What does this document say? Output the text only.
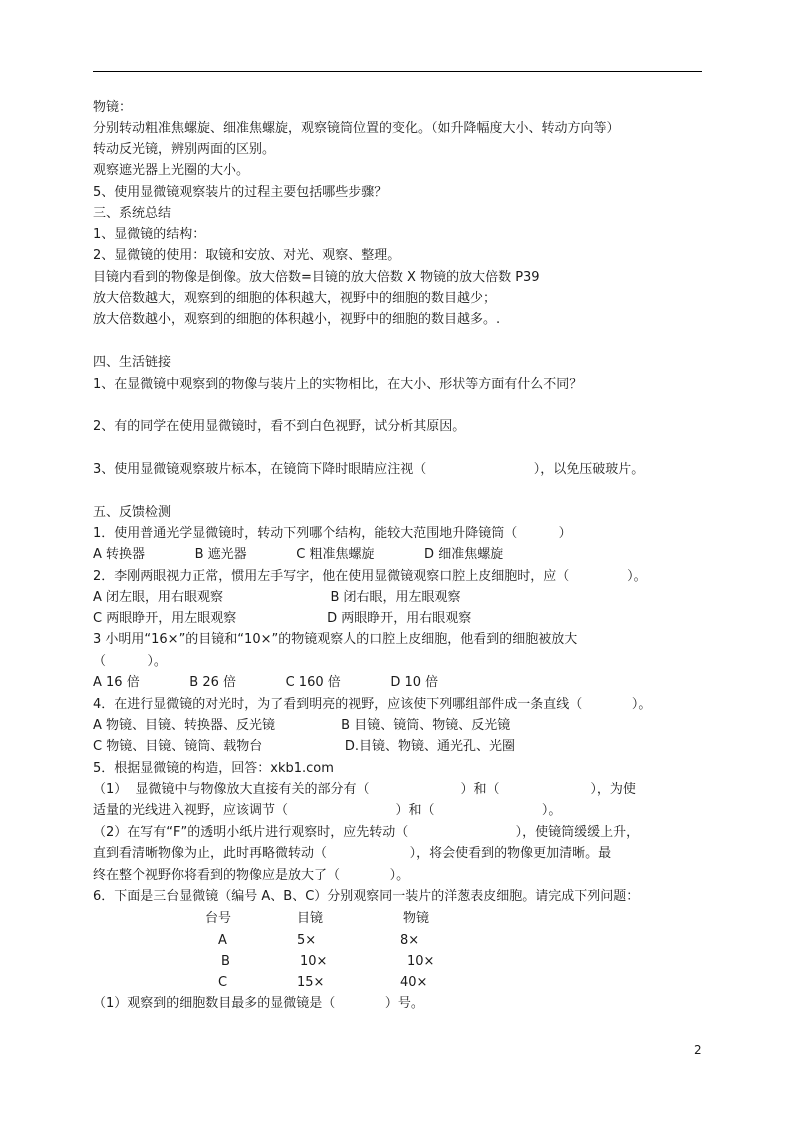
物镜：
分别转动粗准焦螺旋、细准焦螺旋，观察镜筒位置的变化。（如升降幅度大小、转动方向等）
转动反光镜，辨别两面的区别。
观察遮光器上光圈的大小。
5、使用显微镜观察装片的过程主要包括哪些步骤？
三、系统总结
1、显微镜的结构：
2、显微镜的使用：取镜和安放、对光、观察、整理。
目镜内看到的物像是倒像。放大倍数=目镜的放大倍数 X 物镜的放大倍数 P39
放大倍数越大，观察到的细胞的体积越大，视野中的细胞的数目越少；
放大倍数越小，观察到的细胞的体积越小，视野中的细胞的数目越多。.
四、生活链接
1、在显微镜中观察到的物像与装片上的实物相比，在大小、形状等方面有什么不同？
2、有的同学在使用显微镜时，看不到白色视野，试分析其原因。
3、使用显微镜观察玻片标本，在镜筒下降时眼睛应注视（                          ），以免压破玻片。
五、反馈检测
1．使用普通光学显微镜时，转动下列哪个结构，能较大范围地升降镜筒（          ）
A 转换器            B 遮光器            C 粗准焦螺旋            D 细准焦螺旋
2．李刚两眼视力正常，惯用左手写字，他在使用显微镜观察口腔上皮细胞时，应（              ）。
A 闭左眼，用右眼观察                          B 闭右眼，用左眼观察
C 两眼睁开，用左眼观察                      D 两眼睁开，用右眼观察
3 小明用“16×”的目镜和“10×”的物镜观察人的口腔上皮细胞，他看到的细胞被放大
（          ）。
A 16 倍            B 26 倍            C 160 倍            D 10 倍
4．在进行显微镜的对光时，为了看到明亮的视野，应该使下列哪组部件成一条直线（            ）。
A 物镜、目镜、转换器、反光镜                B 目镜、镜筒、物镜、反光镜
C 物镜、目镜、镜筒、载物台                    D.目镜、物镜、通光孔、光圈
5．根据显微镜的构造，回答：xkb1.com
（1）  显微镜中与物像放大直接有关的部分有（                      ）和（                      ），为使
适量的光线进入视野，应该调节（                          ）和（                          ）。
（2）在写有“F”的透明小纸片进行观察时，应先转动（                          ），使镜筒缓缓上升，
直到看清晰物像为止，此时再略微转动（                    ），将会使看到的物像更加清晰。最
终在整个视野你将看到的物像应是放大了（            ）。
6．下面是三台显微镜（编号 A、B、C）分别观察同一装片的洋葱表皮细胞。请完成下列问题：
（1）观察到的细胞数目最多的显微镜是（            ）号。
台号	目镜	物镜
A	5×	8×
B	10×	10×
C	15×	40×
2
